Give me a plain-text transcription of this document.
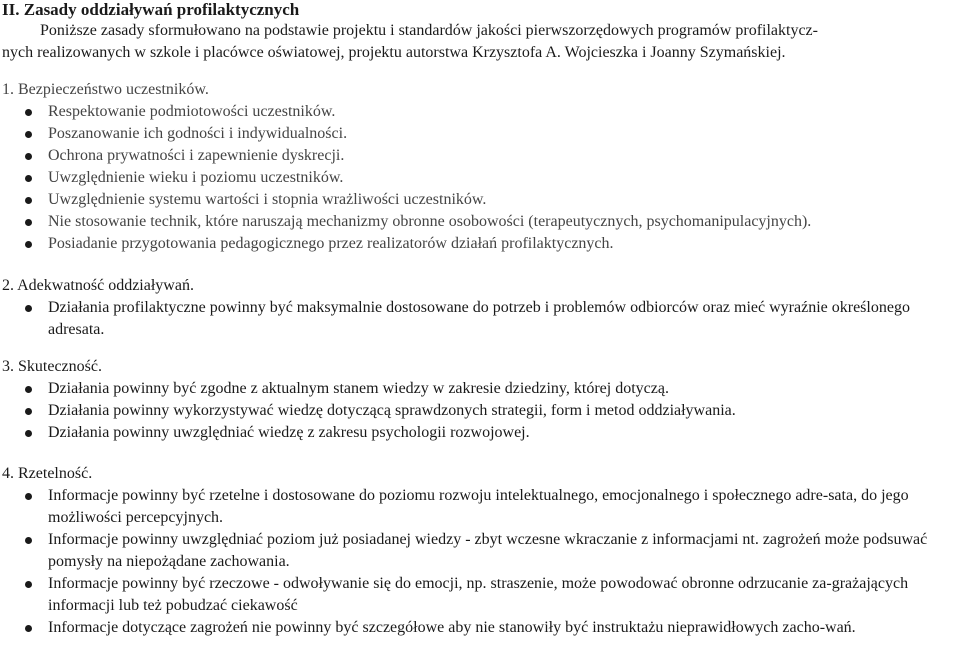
II. Zasady oddziaływań profilaktycznych
Poniższe zasady sformułowano na podstawie projektu i standardów jakości pierwszorzędowych programów profilaktycz-
nych realizowanych w szkole i placówce oświatowej, projektu autorstwa Krzysztofa A. Wojcieszka i Joanny Szymańskiej.
1. Bezpieczeństwo uczestników.
Respektowanie podmiotowości uczestników.
Poszanowanie ich godności i indywidualności.
Ochrona prywatności i zapewnienie dyskrecji.
Uwzględnienie wieku i poziomu uczestników.
Uwzględnienie systemu wartości i stopnia wrażliwości uczestników.
Nie stosowanie technik, które naruszają mechanizmy obronne osobowości (terapeutycznych, psychomanipulacyjnych).
Posiadanie przygotowania pedagogicznego przez realizatorów działań profilaktycznych.
2. Adekwatność oddziaływań.
Działania profilaktyczne powinny być maksymalnie dostosowane do potrzeb i problemów odbiorców oraz mieć wyraźnie określonego adresata.
3. Skuteczność.
Działania powinny być zgodne z aktualnym stanem wiedzy w zakresie dziedziny, której dotyczą.
Działania powinny wykorzystywać wiedzę dotyczącą sprawdzonych strategii, form i metod oddziaływania.
Działania powinny uwzględniać wiedzę z zakresu psychologii rozwojowej.
4. Rzetelność.
Informacje powinny być rzetelne i dostosowane do poziomu rozwoju intelektualnego, emocjonalnego i społecznego adre-sata, do jego możliwości percepcyjnych.
Informacje powinny uwzględniać poziom już posiadanej wiedzy - zbyt wczesne wkraczanie z informacjami nt. zagrożeń może podsuwać pomysły na niepożądane zachowania.
Informacje powinny być rzeczowe - odwoływanie się do emocji, np. straszenie, może powodować obronne odrzucanie za-grażających informacji lub też pobudzać ciekawość
Informacje dotyczące zagrożeń nie powinny być szczegółowe aby nie stanowiły być instruktażu nieprawidłowych zacho-wań.
